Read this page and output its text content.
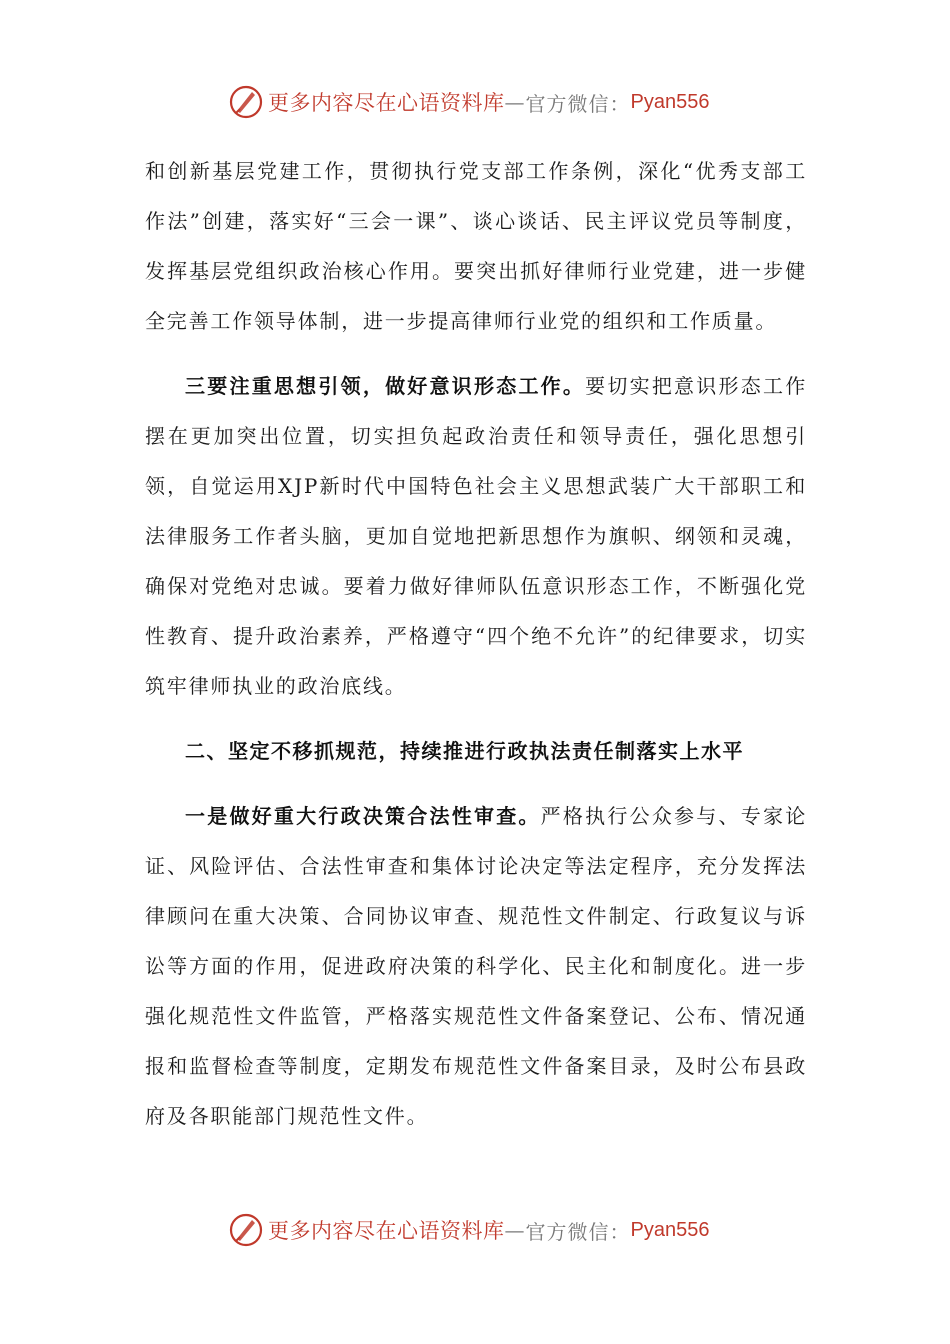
更多内容尽在心语资料库 — 官方微信： Pyan556

和创新基层党建工作，贯彻执行党支部工作条例，深化“优秀支部工作法”创建，落实好“三会一课”、谈心谈话、民主评议党员等制度，发挥基层党组织政治核心作用。要突出抓好律师行业党建，进一步健全完善工作领导体制，进一步提高律师行业党的组织和工作质量。

三要注重思想引领，做好意识形态工作。要切实把意识形态工作摆在更加突出位置，切实担负起政治责任和领导责任，强化思想引领，自觉运用XJP新时代中国特色社会主义思想武装广大干部职工和法律服务工作者头脑，更加自觉地把新思想作为旗帜、纲领和灵魂，确保对党绝对忠诚。要着力做好律师队伍意识形态工作，不断强化党性教育、提升政治素养，严格遵守“四个绝不允许”的纪律要求，切实筑牢律师执业的政治底线。

二、坚定不移抓规范，持续推进行政执法责任制落实上水平

一是做好重大行政决策合法性审查。严格执行公众参与、专家论证、风险评估、合法性审查和集体讨论决定等法定程序，充分发挥法律顾问在重大决策、合同协议审查、规范性文件制定、行政复议与诉讼等方面的作用，促进政府决策的科学化、民主化和制度化。进一步强化规范性文件监管，严格落实规范性文件备案登记、公布、情况通报和监督检查等制度，定期发布规范性文件备案目录，及时公布县政府及各职能部门规范性文件。

更多内容尽在心语资料库 — 官方微信： Pyan556
